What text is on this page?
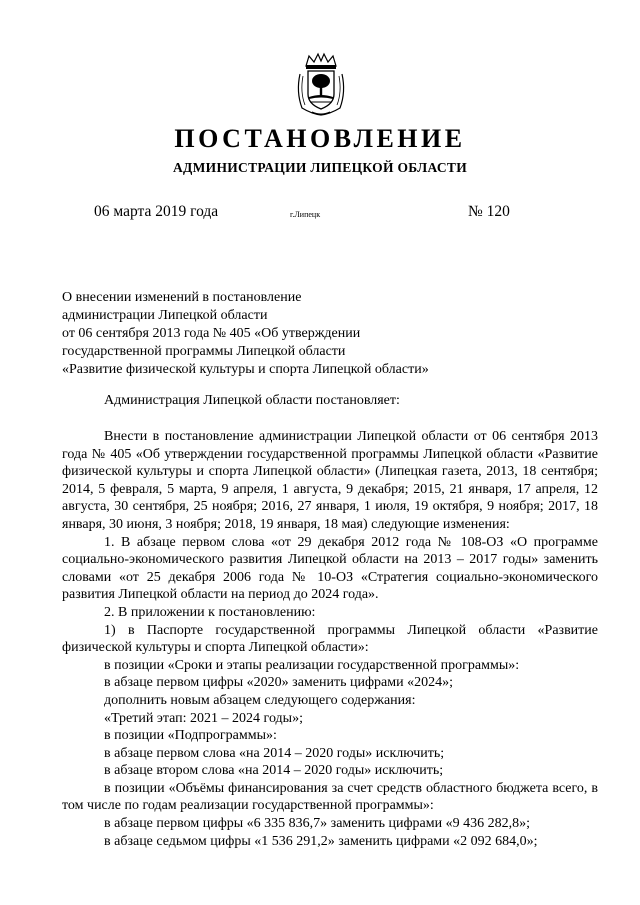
ПОСТАНОВЛЕНИЕ
АДМИНИСТРАЦИИ ЛИПЕЦКОЙ ОБЛАСТИ
06 марта 2019 года	г.Липецк	№ 120
О внесении изменений в постановление
администрации Липецкой области
от 06 сентября 2013 года № 405 «Об утверждении
государственной программы Липецкой области
«Развитие физической культуры и спорта Липецкой области»
Администрация Липецкой области постановляет:

Внести в постановление администрации Липецкой области от 06 сентября 2013 года № 405 «Об утверждении государственной программы Липецкой области «Развитие физической культуры и спорта Липецкой области» (Липецкая газета, 2013, 18 сентября; 2014, 5 февраля, 5 марта, 9 апреля, 1 августа, 9 декабря; 2015, 21 января, 17 апреля, 12 августа, 30 сентября, 25 ноября; 2016, 27 января, 1 июля, 19 октября, 9 ноября; 2017, 18 января, 30 июня, 3 ноября; 2018, 19 января, 18 мая) следующие изменения:

1. В абзаце первом слова «от 29 декабря 2012 года № 108-ОЗ «О программе социально-экономического развития Липецкой области на 2013 – 2017 годы» заменить словами «от 25 декабря 2006 года № 10-ОЗ «Стратегия социально-экономического развития Липецкой области на период до 2024 года».

2. В приложении к постановлению:

1) в Паспорте государственной программы Липецкой области «Развитие физической культуры и спорта Липецкой области»:

в позиции «Сроки и этапы реализации государственной программы»:

в абзаце первом цифры «2020» заменить цифрами «2024»;

дополнить новым абзацем следующего содержания:

«Третий этап: 2021 – 2024 годы»;

в позиции «Подпрограммы»:

в абзаце первом слова «на 2014 – 2020 годы» исключить;

в абзаце втором слова «на 2014 – 2020 годы» исключить;

в позиции «Объёмы финансирования за счет средств областного бюджета всего, в том числе по годам реализации государственной программы»:

в абзаце первом цифры «6 335 836,7» заменить цифрами «9 436 282,8»;

в абзаце седьмом цифры «1 536 291,2» заменить цифрами «2 092 684,0»;
